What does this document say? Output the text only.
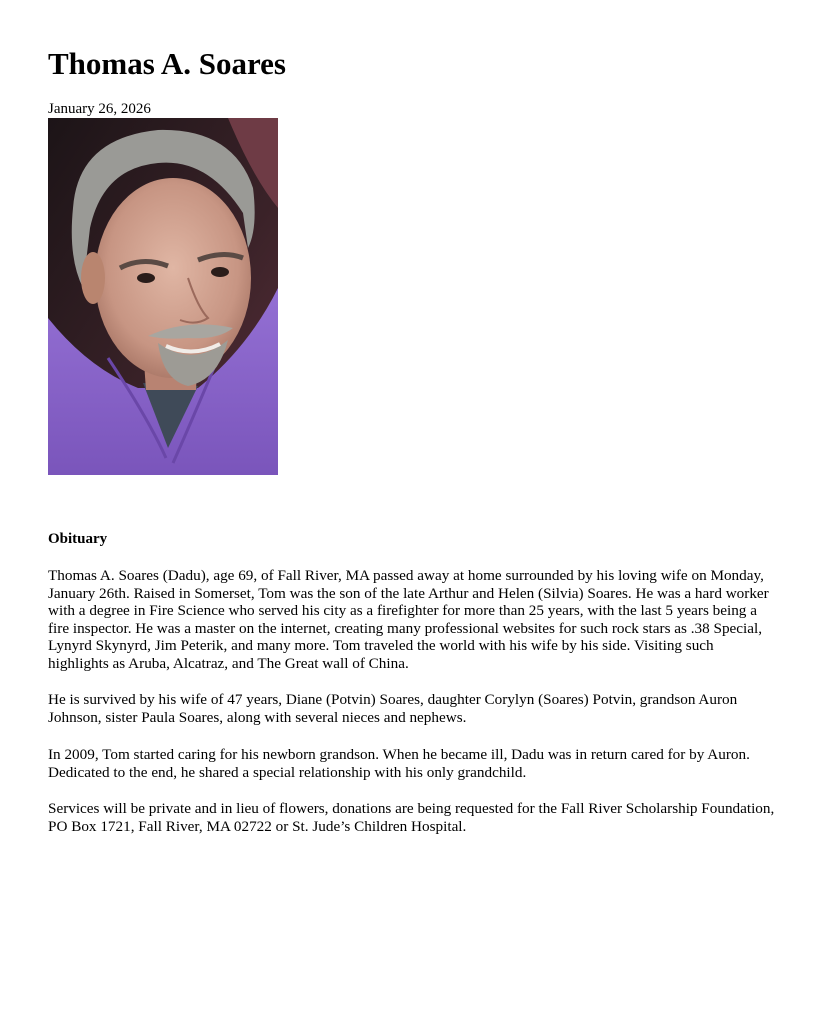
Thomas A. Soares
January 26, 2026
Obituary

Thomas A. Soares (Dadu), age 69, of Fall River, MA passed away at home surrounded by his loving wife on Monday, January 26th. Raised in Somerset, Tom was the son of the late Arthur and Helen (Silvia) Soares. He was a hard worker with a degree in Fire Science who served his city as a firefighter for more than 25 years, with the last 5 years being a fire inspector. He was a master on the internet, creating many professional websites for such rock stars as .38 Special, Lynyrd Skynyrd, Jim Peterik, and many more. Tom traveled the world with his wife by his side. Visiting such highlights as Aruba, Alcatraz, and The Great wall of China.

He is survived by his wife of 47 years, Diane (Potvin) Soares, daughter Corylyn (Soares) Potvin, grandson Auron Johnson, sister Paula Soares, along with several nieces and nephews.

In 2009, Tom started caring for his newborn grandson. When he became ill, Dadu was in return cared for by Auron. Dedicated to the end, he shared a special relationship with his only grandchild.

Services will be private and in lieu of flowers, donations are being requested for the Fall River Scholarship Foundation, PO Box 1721, Fall River, MA 02722 or St. Jude’s Children Hospital.
